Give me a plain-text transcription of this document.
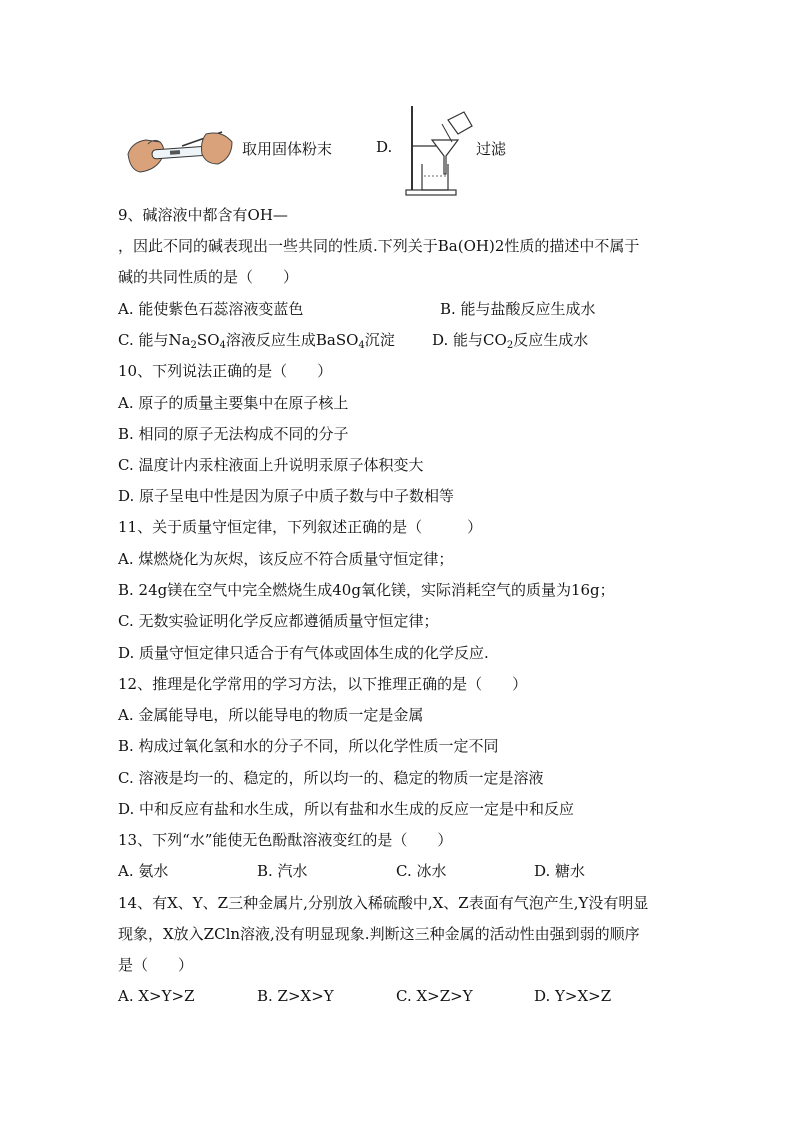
取用固体粉末	D.	过滤
9、碱溶液中都含有OH—
，因此不同的碱表现出一些共同的性质.下列关于Ba(OH)2性质的描述中不属于
碱的共同性质的是（　　）
A. 能使紫色石蕊溶液变蓝色	B. 能与盐酸反应生成水
C. 能与$Na_2SO_4$溶液反应生成BaSO$_4$沉淀 D. 能与$CO_2$反应生成水
10、下列说法正确的是（　　）
A. 原子的质量主要集中在原子核上
B. 相同的原子无法构成不同的分子
C. 温度计内汞柱液面上升说明汞原子体积变大
D. 原子呈电中性是因为原子中质子数与中子数相等
11、关于质量守恒定律，下列叙述正确的是（　　　）
A. 煤燃烧化为灰烬，该反应不符合质量守恒定律；
B. 24g镁在空气中完全燃烧生成40g氧化镁，实际消耗空气的质量为16g；
C. 无数实验证明化学反应都遵循质量守恒定律；
D. 质量守恒定律只适合于有气体或固体生成的化学反应.
12、推理是化学常用的学习方法，以下推理正确的是（　　）
A. 金属能导电，所以能导电的物质一定是金属
B. 构成过氧化氢和水的分子不同，所以化学性质一定不同
C. 溶液是均一的、稳定的，所以均一的、稳定的物质一定是溶液
D. 中和反应有盐和水生成，所以有盐和水生成的反应一定是中和反应
13、下列“水”能使无色酚酞溶液变红的是（　　）
A. 氨水	B. 汽水	C. 冰水	D. 糖水
14、有X、Y、Z三种金属片,分别放入稀硫酸中,X、Z表面有气泡产生,Y没有明显
现象，X放入ZCln溶液,没有明显现象.判断这三种金属的活动性由强到弱的顺序
是（　　）
A. X>Y>Z	B. Z>X>Y	C. X>Z>Y	D. Y>X>Z
